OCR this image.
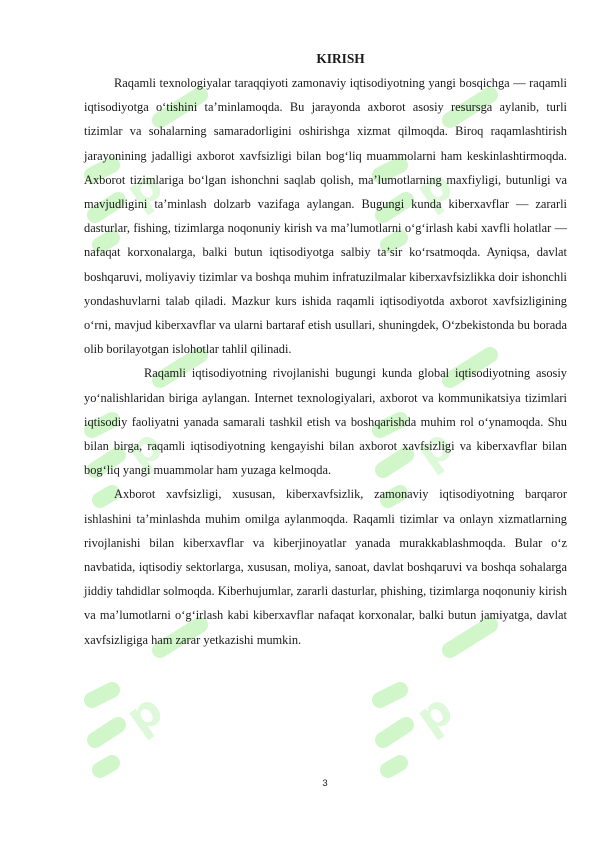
p	p
p	p
p	p
KIRISH

Raqamli texnologiyalar taraqqiyoti zamonaviy iqtisodiyotning yangi bosqichga — raqamli iqtisodiyotga o‘tishini ta’minlamoqda. Bu jarayonda axborot asosiy resursga aylanib, turli tizimlar va sohalarning samaradorligini oshirishga xizmat qilmoqda. Biroq raqamlashtirish jarayonining jadalligi axborot xavfsizligi bilan bog‘liq muammolarni ham keskinlashtirmoqda. Axborot tizimlariga bo‘lgan ishonchni saqlab qolish, ma’lumotlarning maxfiyligi, butunligi va mavjudligini ta’minlash dolzarb vazifaga aylangan. Bugungi kunda kiberxavflar — zararli dasturlar, fishing, tizimlarga noqonuniy kirish va ma’lumotlarni o‘g‘irlash kabi xavfli holatlar — nafaqat korxonalarga, balki butun iqtisodiyotga salbiy ta’sir ko‘rsatmoqda. Ayniqsa, davlat boshqaruvi, moliyaviy tizimlar va boshqa muhim infratuzilmalar kiberxavfsizlikka doir ishonchli yondashuvlarni talab qiladi. Mazkur kurs ishida raqamli iqtisodiyotda axborot xavfsizligining o‘rni, mavjud kiberxavflar va ularni bartaraf etish usullari, shuningdek, O‘zbekistonda bu borada olib borilayotgan islohotlar tahlil qilinadi.

Raqamli iqtisodiyotning rivojlanishi bugungi kunda global iqtisodiyotning asosiy yo‘nalishlaridan biriga aylangan. Internet texnologiyalari, axborot va kommunikatsiya tizimlari iqtisodiy faoliyatni yanada samarali tashkil etish va boshqarishda muhim rol o‘ynamoqda. Shu bilan birga, raqamli iqtisodiyotning kengayishi bilan axborot xavfsizligi va kiberxavflar bilan bog‘liq yangi muammolar ham yuzaga kelmoqda.

Axborot xavfsizligi, xususan, kiberxavfsizlik, zamonaviy iqtisodiyotning barqaror ishlashini ta’minlashda muhim omilga aylanmoqda. Raqamli tizimlar va onlayn xizmatlarning rivojlanishi bilan kiberxavflar va kiberjinoyatlar yanada murakkablashmoqda. Bular o‘z navbatida, iqtisodiy sektorlarga, xususan, moliya, sanoat, davlat boshqaruvi va boshqa sohalarga jiddiy tahdidlar solmoqda. Kiberhujumlar, zararli dasturlar, phishing, tizimlarga noqonuniy kirish va ma’lumotlarni o‘g‘irlash kabi kiberxavflar nafaqat korxonalar, balki butun jamiyatga, davlat xavfsizligiga ham zarar yetkazishi mumkin.

3
